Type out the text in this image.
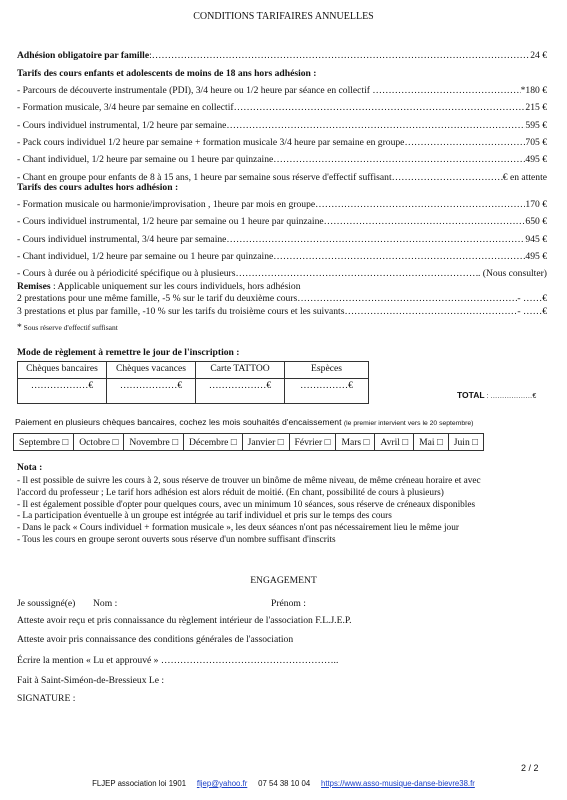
CONDITIONS TARIFAIRES ANNUELLES
Adhésion obligatoire par famille : ………………………………………………………………………………………………………………………………………………………………………………………………	24 €
Tarifs des cours enfants et adolescents de moins de 18 ans hors adhésion :
- Parcours de découverte instrumentale (PDI), 3/4 heure ou 1/2 heure par séance en collectif … ………………………………………………………………………………………………………………………………………………………………………………………………	*180 €
- Formation musicale, 3/4 heure par semaine en collectif ………………………………………………………………………………………………………………………………………………………………………………………………	215 €
- Cours individuel instrumental, 1/2 heure par semaine ………………………………………………………………………………………………………………………………………………………………………………………………	595 €
- Pack cours individuel 1/2 heure par semaine + formation musicale 3/4 heure par semaine en groupe ………………………………………………………………………………………………………………………………………………………………………………………………	705 €
- Chant individuel, 1/2 heure par semaine ou 1 heure par quinzaine ………………………………………………………………………………………………………………………………………………………………………………………………	495 €
- Chant en groupe pour enfants de 8 à 15 ans, 1 heure par semaine sous réserve d'effectif suffisant ………………………………………………………………………………………………………………………………………………………………………………………………	€ en attente
Tarifs des cours adultes hors adhésion :
- Formation musicale ou harmonie/improvisation , 1heure par mois en groupe ………………………………………………………………………………………………………………………………………………………………………………………………	170 €
- Cours individuel instrumental, 1/2 heure par semaine ou 1 heure par quinzaine ………………………………………………………………………………………………………………………………………………………………………………………………	650 €
- Cours individuel instrumental, 3/4 heure par semaine ………………………………………………………………………………………………………………………………………………………………………………………………	945 €
- Chant individuel, 1/2 heure par semaine ou 1 heure par quinzaine ………………………………………………………………………………………………………………………………………………………………………………………………	495 €
- Cours à durée ou à périodicité spécifique ou à plusieurs ………………………………………………………………………………………………………………………………………………………………………………………………	. (Nous consulter)
Remises : Applicable uniquement sur les cours individuels, hors adhésion
2 prestations pour une même famille, -5 % sur le tarif du deuxième cours ………………………………………………………………………………………………………………………………………………………………………………………………	- ……€
3 prestations et plus par famille, -10 % sur les tarifs du troisième cours et les suivants ………………………………………………………………………………………………………………………………………………………………………………………………	- ……€
* Sous réserve d'effectif suffisant
Mode de règlement à remettre le jour de l'inscription :
Chèques bancaires	Chèques vacances	Carte TATTOO	Espèces
………………€	………………€	………………€	……………€
TOTAL : ………………€
Paiement en plusieurs chèques bancaires, cochez les mois souhaités d'encaissement (le premier intervient vers le 20 septembre)
Septembre □	Octobre □	Novembre □	Décembre □	Janvier □	Février □	Mars □	Avril □	Mai □	Juin □
Nota :
- Il est possible de suivre les cours à 2, sous réserve de trouver un binôme de même niveau, de même créneau horaire et avec
l'accord du professeur ; Le tarif hors adhésion est alors réduit de moitié. (En chant, possibilité de cours à plusieurs)
- Il est également possible d'opter pour quelques cours, avec un minimum 10 séances, sous réserve de créneaux disponibles
- La participation éventuelle à un groupe est intégrée au tarif individuel et pris sur le temps des cours
- Dans le pack « Cours individuel + formation musicale », les deux séances n'ont pas nécessairement lieu le même jour
- Tous les cours en groupe seront ouverts sous réserve d'un nombre suffisant d'inscrits
ENGAGEMENT
Je soussigné(e) Nom :	Prénom :
Atteste avoir reçu et pris connaissance du règlement intérieur de l'association F.L.J.E.P.
Atteste avoir pris connaissance des conditions générales de l'association
Écrire la mention « Lu et approuvé » ………………………………………………..
Fait à Saint-Siméon-de-Bressieux Le :
SIGNATURE :
2 / 2
FLJEP association loi 1901 fljep@yahoo.fr 07 54 38 10 04 https://www.asso-musique-danse-bievre38.fr
